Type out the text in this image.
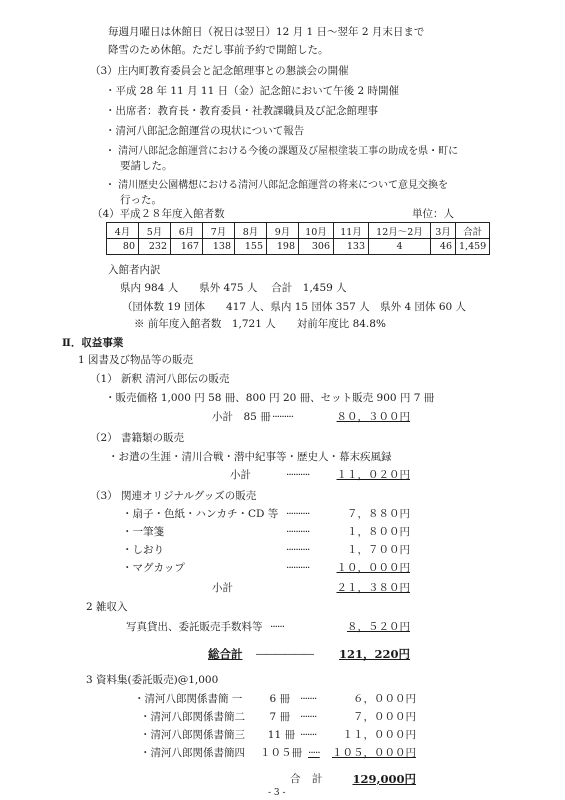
毎週月曜日は休館日（祝日は翌日）12 月 1 日～翌年 2 月末日まで
降雪のため休館。ただし事前予約で開館した。
（3）庄内町教育委員会と記念館理事との懇談会の開催
・平成 28 年 11 月 11 日（金）記念館において午後 2 時開催
・出席者：教育長・教育委員・社教課職員及び記念館理事
・清河八郎記念館運営の現状について報告
・ 清河八郎記念館運営における今後の課題及び屋根塗装工事の助成を県・町に
要請した。
・ 清川歴史公園構想における清河八郎記念館運営の将来について意見交換を
行った。
（4）平成２８年度入館者数	単位：人
4月	5月	6月	7月	8月	9月	10月	11月	12月～2月	3月	合計
80	232	167	138	155	198	306	133	4	46	1,459
入館者内訳
県内 984 人　　県外 475 人　 合計　1,459 人
（団体数 19 団体　　417 人、県内 15 団体 357 人　県外 4 団体 60 人
※ 前年度入館者数　1,721 人　　対前年度比 84.8%
Ⅱ．収益事業
1 図書及び物品等の販売
（1） 新釈 清河八郎伝の販売
・販売価格 1,000 円 58 冊、800 円 20 冊、セット販売 900 円 7 冊
小計　85 冊 ·········	８０，３００円
（2） 書籍類の販売
・お遣の生涯・清川合戦・潜中紀事等・歴史人・幕末疾風録
小計	··········	１１，０２０円
（3） 関連オリジナルグッズの販売
・扇子・色紙・ハンカチ・CD 等 ··········	７，８８０円
・一筆箋	··········	１，８００円
・しおり	··········	１，７００円
・マグカップ	··········	１０，０００円
小計	２１，３８０円
2 雑収入
写真貸出、委託販売手数料等 ······	８，５２０円
総合計 ――――――	121，220円
3 資料集(委託販売)@1,000
・清河八郎関係書簡 一	6 冊 ·······	６，０００円
・清河八郎関係書簡二	7 冊 ·······	７，０００円
・清河八郎関係書簡三	11 冊 ·······	１１，０００円
・清河八郎関係書簡四	１０５冊 ·····	１０５，０００円
合 計	129,000円
- 3 -
